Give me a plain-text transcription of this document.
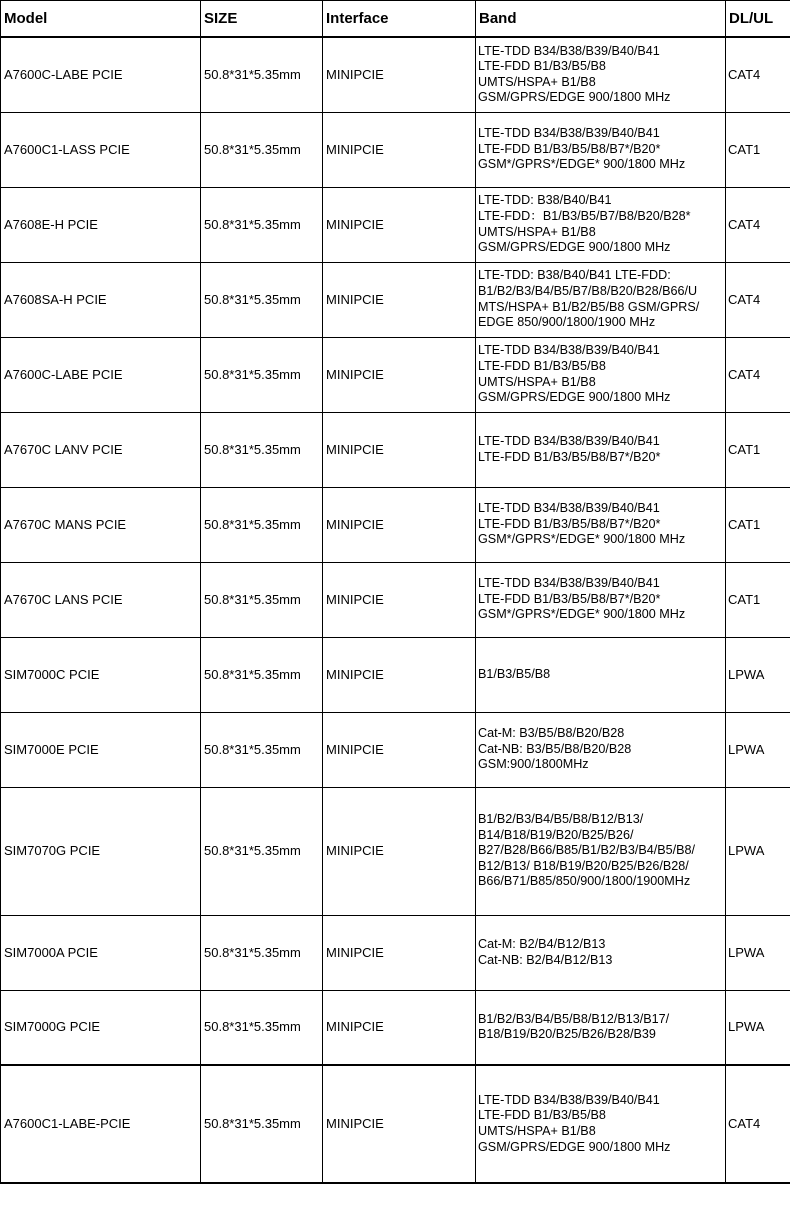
Model	SIZE	Interface	Band	DL/UL
A7600C-LABE PCIE	50.8*31*5.35mm	MINIPCIE	LTE-TDD B34/B38/B39/B40/B41
LTE-FDD B1/B3/B5/B8
UMTS/HSPA+ B1/B8
GSM/GPRS/EDGE 900/1800 MHz	CAT4
A7600C1-LASS PCIE	50.8*31*5.35mm	MINIPCIE	LTE-TDD B34/B38/B39/B40/B41
LTE-FDD B1/B3/B5/B8/B7*/B20*
GSM*/GPRS*/EDGE* 900/1800 MHz	CAT1
A7608E-H PCIE	50.8*31*5.35mm	MINIPCIE	LTE-TDD: B38/B40/B41
LTE-FDD：B1/B3/B5/B7/B8/B20/B28*
UMTS/HSPA+ B1/B8
GSM/GPRS/EDGE 900/1800 MHz	CAT4
A7608SA-H PCIE	50.8*31*5.35mm	MINIPCIE	LTE-TDD: B38/B40/B41 LTE-FDD:
B1/B2/B3/B4/B5/B7/B8/B20/B28/B66/U
MTS/HSPA+ B1/B2/B5/B8 GSM/GPRS/
EDGE 850/900/1800/1900 MHz	CAT4
A7600C-LABE PCIE	50.8*31*5.35mm	MINIPCIE	LTE-TDD B34/B38/B39/B40/B41
LTE-FDD B1/B3/B5/B8
UMTS/HSPA+ B1/B8
GSM/GPRS/EDGE 900/1800 MHz	CAT4
A7670C LANV PCIE	50.8*31*5.35mm	MINIPCIE	LTE-TDD B34/B38/B39/B40/B41
LTE-FDD B1/B3/B5/B8/B7*/B20*	CAT1
A7670C MANS PCIE	50.8*31*5.35mm	MINIPCIE	LTE-TDD B34/B38/B39/B40/B41
LTE-FDD B1/B3/B5/B8/B7*/B20*
GSM*/GPRS*/EDGE* 900/1800 MHz	CAT1
A7670C LANS PCIE	50.8*31*5.35mm	MINIPCIE	LTE-TDD B34/B38/B39/B40/B41
LTE-FDD B1/B3/B5/B8/B7*/B20*
GSM*/GPRS*/EDGE* 900/1800 MHz	CAT1
SIM7000C PCIE	50.8*31*5.35mm	MINIPCIE	B1/B3/B5/B8	LPWA
SIM7000E PCIE	50.8*31*5.35mm	MINIPCIE	Cat-M: B3/B5/B8/B20/B28
Cat-NB: B3/B5/B8/B20/B28
GSM:900/1800MHz	LPWA
SIM7070G PCIE	50.8*31*5.35mm	MINIPCIE	B1/B2/B3/B4/B5/B8/B12/B13/
B14/B18/B19/B20/B25/B26/
B27/B28/B66/B85/B1/B2/B3/B4/B5/B8/
B12/B13/ B18/B19/B20/B25/B26/B28/
B66/B71/B85/850/900/1800/1900MHz	LPWA
SIM7000A PCIE	50.8*31*5.35mm	MINIPCIE	Cat-M: B2/B4/B12/B13
Cat-NB: B2/B4/B12/B13	LPWA
SIM7000G PCIE	50.8*31*5.35mm	MINIPCIE	B1/B2/B3/B4/B5/B8/B12/B13/B17/
B18/B19/B20/B25/B26/B28/B39	LPWA
A7600C1-LABE-PCIE	50.8*31*5.35mm	MINIPCIE	LTE-TDD B34/B38/B39/B40/B41
LTE-FDD B1/B3/B5/B8
UMTS/HSPA+ B1/B8
GSM/GPRS/EDGE 900/1800 MHz	CAT4
